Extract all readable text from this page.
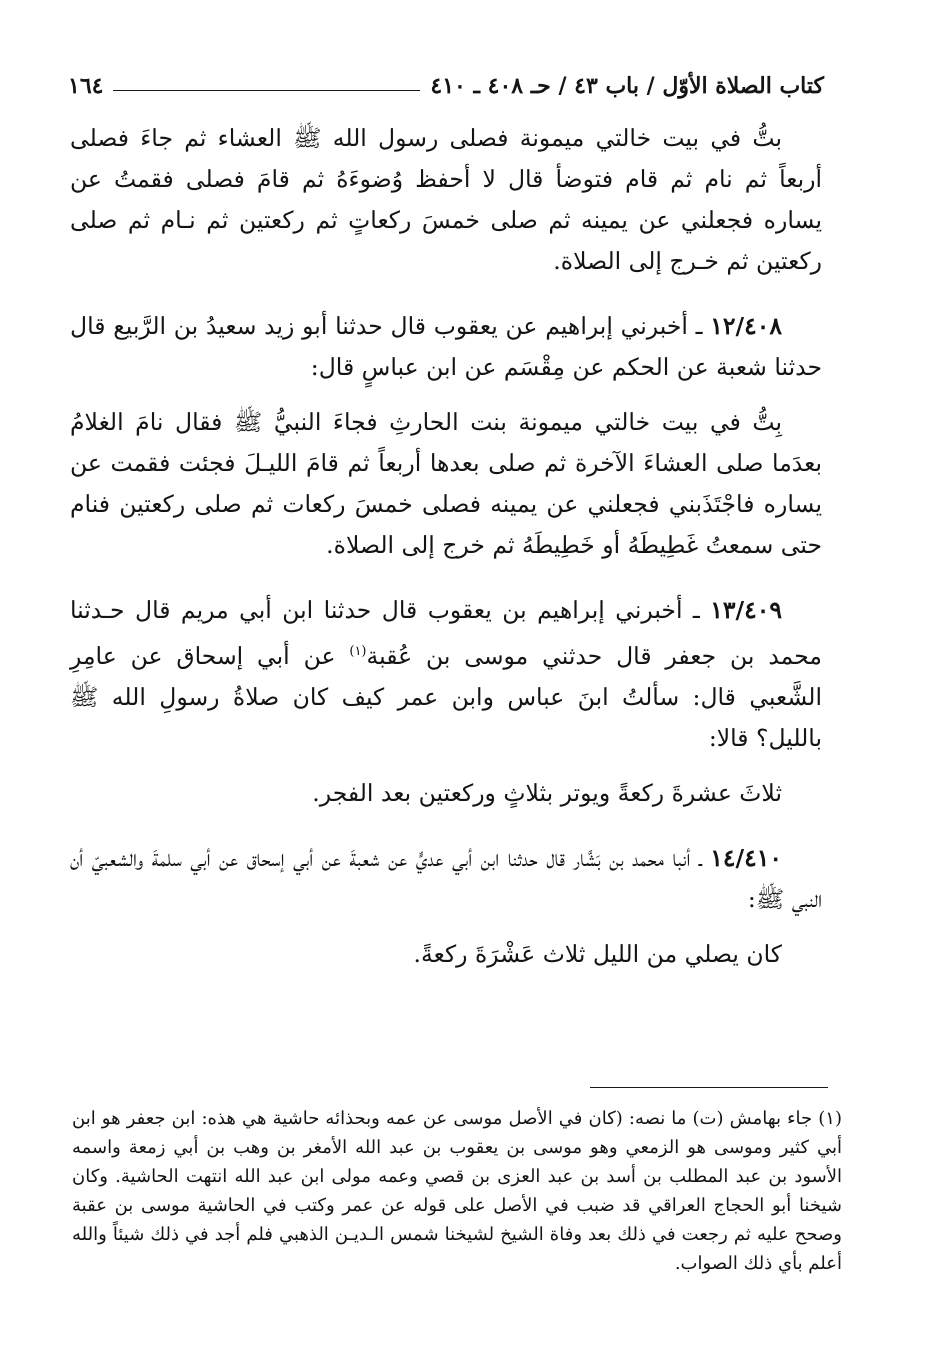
كتاب الصلاة الأوّل / باب ٤٣ / حـ ٤٠٨ ـ ٤١٠
١٦٤

بتُّ في بيت خالتي ميمونة فصلى رسول الله ﷺ العشاء ثم جاءَ فصلى أربعاً ثم نام ثم قام فتوضأ قال لا أحفظ وُضوءَهُ ثم قامَ فصلى فقمتُ عن يساره فجعلني عن يمينه ثم صلى خمسَ ركعاتٍ ثم ركعتين ثم نـام ثم صلى ركعتين ثم خـرج إلى الصلاة.

١٢/٤٠٨ ـ أخبرني إبراهيم عن يعقوب قال حدثنا أبو زيد سعيدُ بن الرَّبيع قال حدثنا شعبة عن الحكم عن مِقْسَم عن ابن عباسٍ قال:

بِتُّ في بيت خالتي ميمونة بنت الحارثِ فجاءَ النبيُّ ﷺ فقال نامَ الغلامُ بعدَما صلى العشاءَ الآخرة ثم صلى بعدها أربعاً ثم قامَ الليـلَ فجئت فقمت عن يساره فاجْتَذَبني فجعلني عن يمينه فصلى خمسَ ركعات ثم صلى ركعتين فنام حتى سمعتُ غَطِيطَهُ أو خَطِيطَهُ ثم خرج إلى الصلاة.

١٣/٤٠٩ ـ أخبرني إبراهيم بن يعقوب قال حدثنا ابن أبي مريم قال حـدثنا محمد بن جعفر قال حدثني موسى بن عُقبة$^{(١)}$ عن أبي إسحاق عن عامِرِ الشَّعبي قال: سألتُ ابنَ عباس وابن عمر كيف كان صلاةُ رسولِ الله ﷺ بالليل؟ قالا:

ثلاثَ عشرةَ ركعةً ويوتر بثلاثٍ وركعتين بعد الفجر.

١٤/٤١٠ ـ أنبا محمد بن بَشَّار قال حدثنا ابن أبي عديٍّ عن شعبةَ عن أبي إسحاق عن أبي سلمةَ والشعبيّ أن النبي ﷺ:

كان يصلي من الليل ثلاث عَشْرَةَ ركعةً.

(١) جاء بهامش (ت) ما نصه: (كان في الأصل موسى عن عمه وبحذائه حاشية هي هذه: ابن جعفر هو ابن أبي كثير وموسى هو الزمعي وهو موسى بن يعقوب بن عبد الله الأمغر بن وهب بن أبي زمعة واسمه الأسود بن عبد المطلب بن أسد بن عبد العزى بن قصي وعمه مولى ابن عبد الله انتهت الحاشية. وكان شيخنا أبو الحجاج العراقي قد ضبب في الأصل على قوله عن عمر وكتب في الحاشية موسى بن عقبة وصحح عليه ثم رجعت في ذلك بعد وفاة الشيخ لشيخنا شمس الـديـن الذهبي فلم أجد في ذلك شيئاً والله أعلم بأي ذلك الصواب.
